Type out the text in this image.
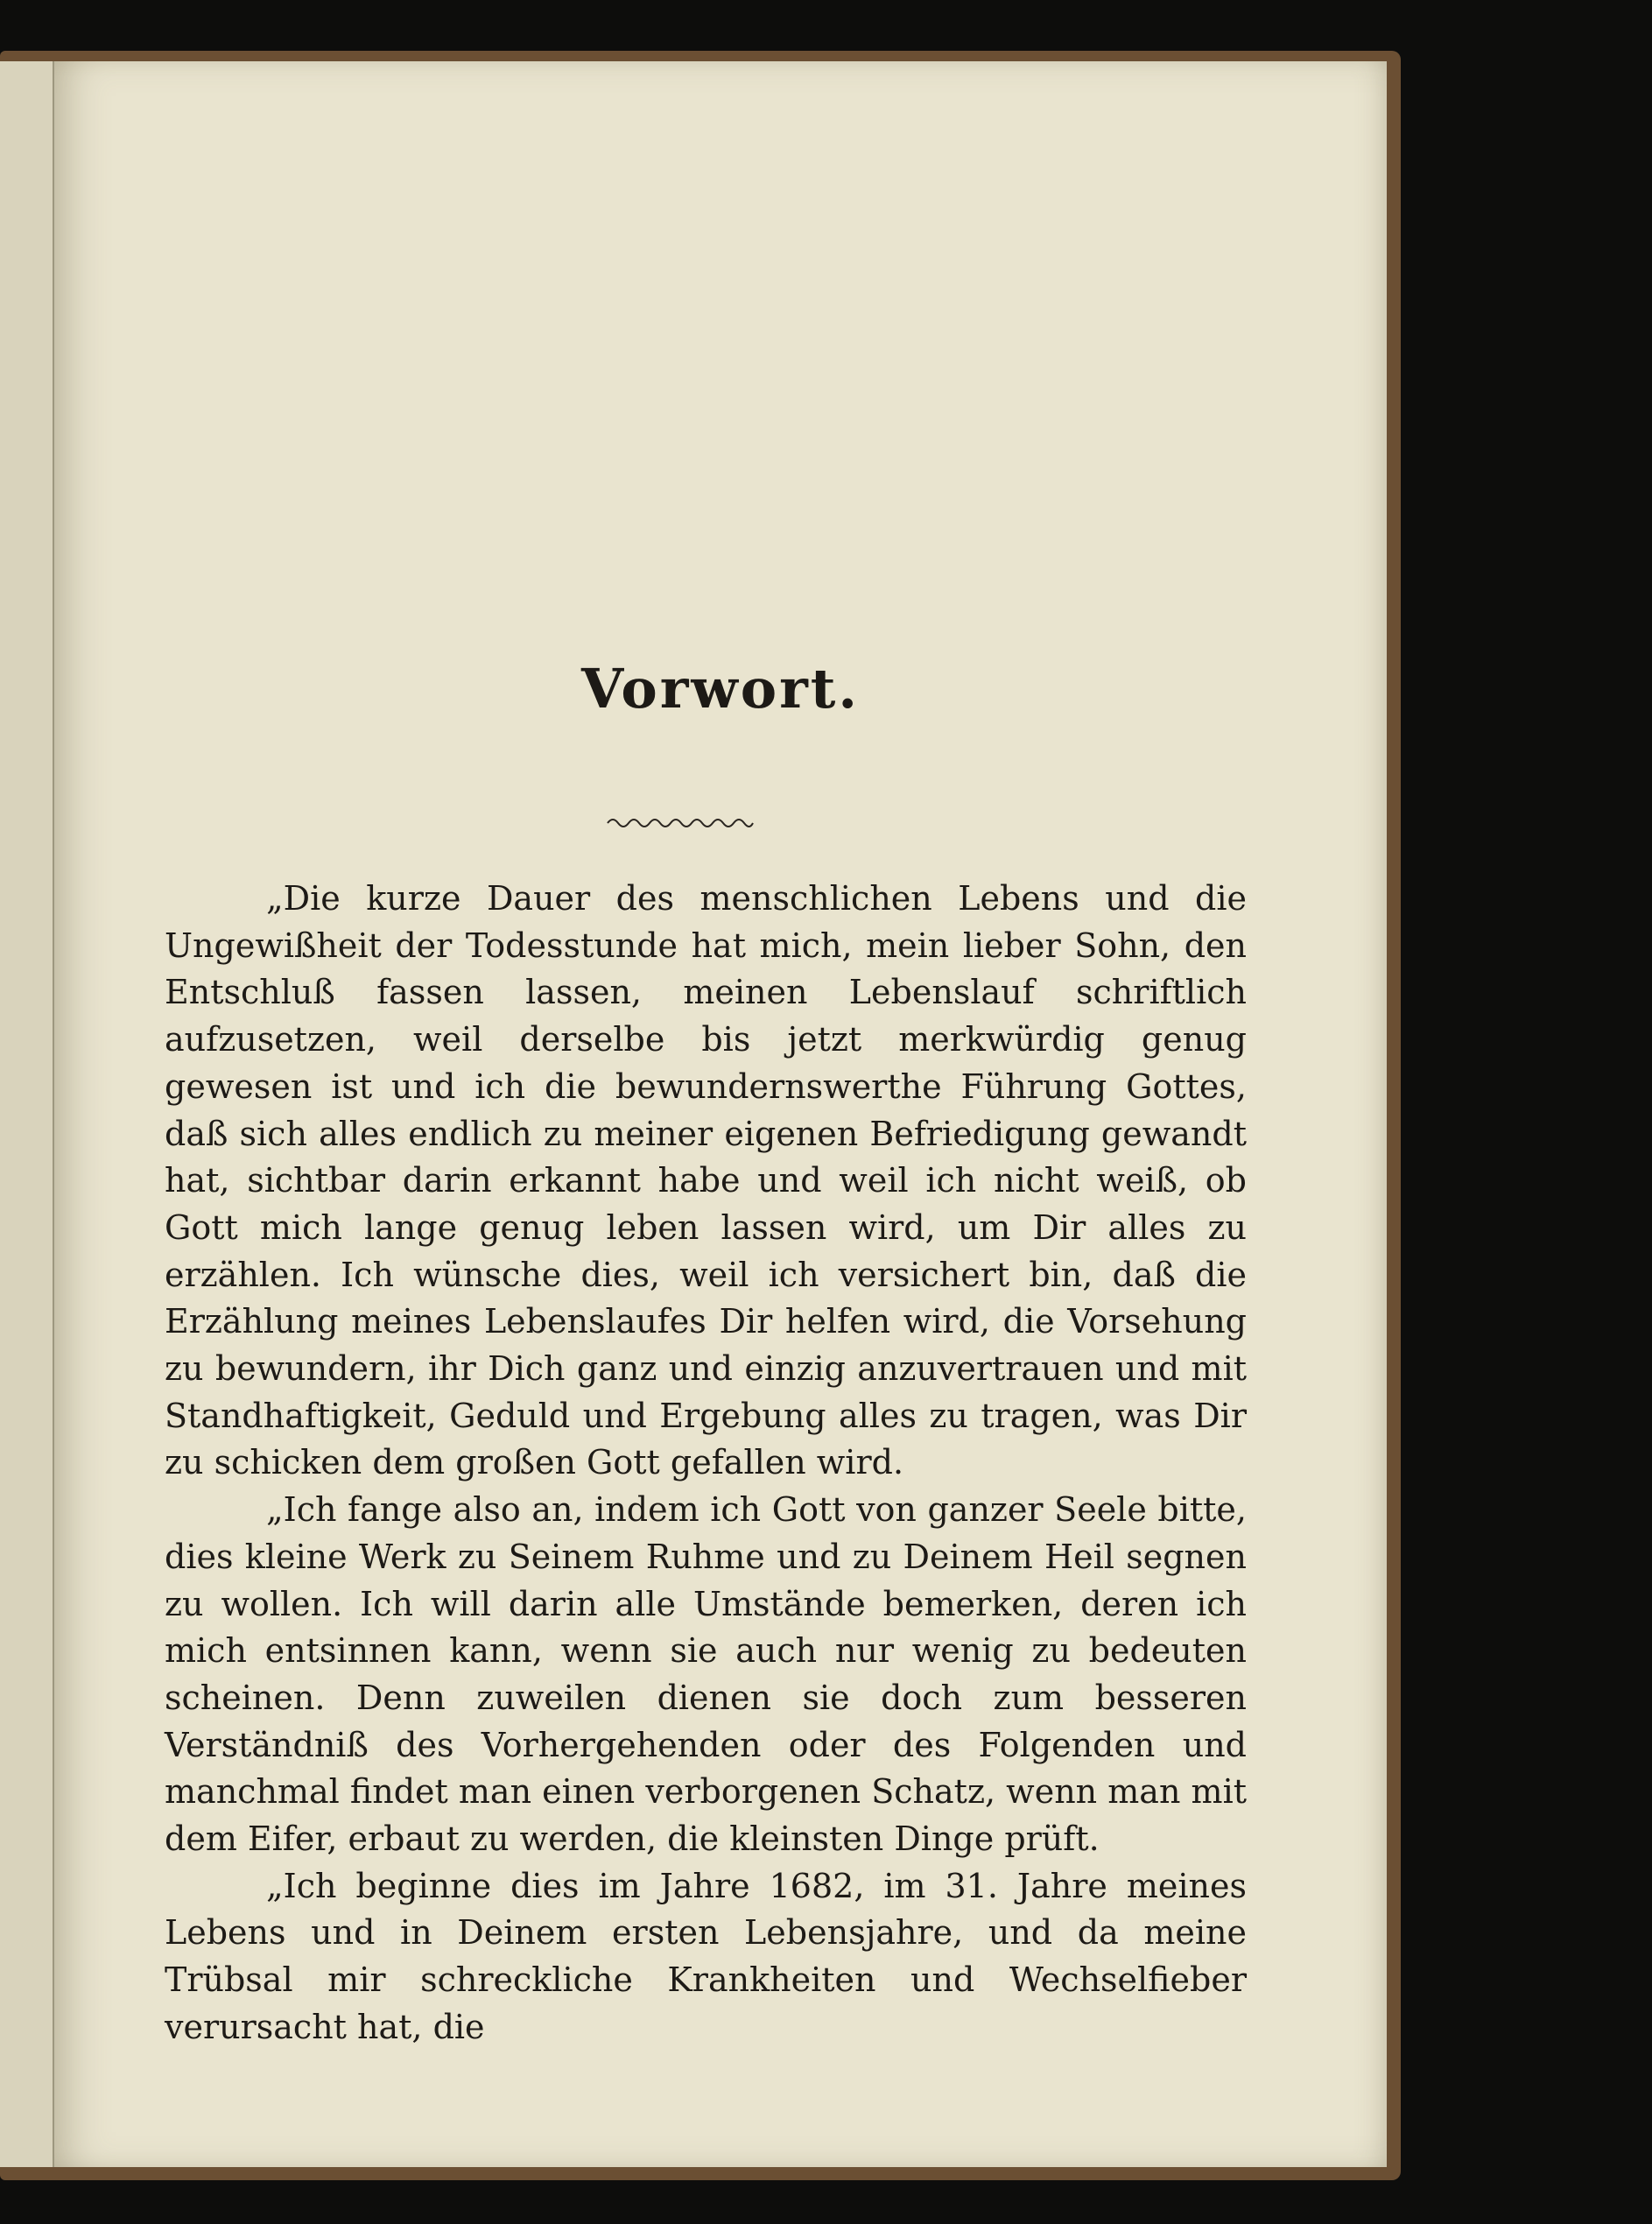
Vorwort.

„Die kurze Dauer des menschlichen Lebens und die Ungewißheit der Todesstunde hat mich, mein lieber Sohn, den Entschluß fassen lassen, meinen Lebenslauf schriftlich aufzusetzen, weil derselbe bis jetzt merkwürdig genug gewesen ist und ich die bewundernswerthe Führung Gottes, daß sich alles endlich zu meiner eigenen Befriedigung gewandt hat, sichtbar darin erkannt habe und weil ich nicht weiß, ob Gott mich lange genug leben lassen wird, um Dir alles zu erzählen. Ich wünsche dies, weil ich versichert bin, daß die Erzählung meines Lebenslaufes Dir helfen wird, die Vorsehung zu bewundern, ihr Dich ganz und einzig anzuvertrauen und mit Standhaftigkeit, Geduld und Ergebung alles zu tragen, was Dir zu schicken dem großen Gott gefallen wird.

„Ich fange also an, indem ich Gott von ganzer Seele bitte, dies kleine Werk zu Seinem Ruhme und zu Deinem Heil segnen zu wollen. Ich will darin alle Umstände bemerken, deren ich mich entsinnen kann, wenn sie auch nur wenig zu bedeuten scheinen. Denn zuweilen dienen sie doch zum besseren Verständniß des Vorhergehenden oder des Folgenden und manchmal findet man einen verborgenen Schatz, wenn man mit dem Eifer, erbaut zu werden, die kleinsten Dinge prüft.

„Ich beginne dies im Jahre 1682, im 31. Jahre meines Lebens und in Deinem ersten Lebensjahre, und da meine Trübsal mir schreckliche Krankheiten und Wechselfieber verursacht hat, die
